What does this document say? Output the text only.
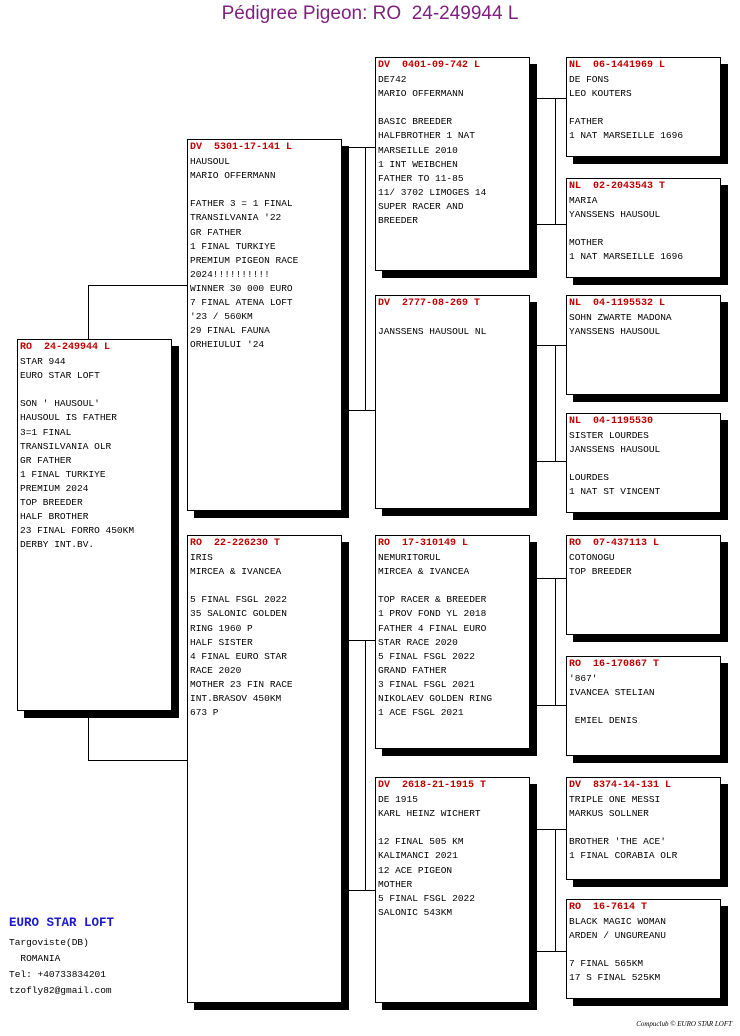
Pédigree Pigeon: RO  24-249944 L
RO  24-249944 L
STAR 944
EURO STAR LOFT
SON ' HAUSOUL'
HAUSOUL IS FATHER
3=1 FINAL
TRANSILVANIA OLR
GR FATHER
1 FINAL TURKIYE
PREMIUM 2024
TOP BREEDER
HALF BROTHER
23 FINAL FORRO 450KM
DERBY INT.BV.
DV  5301-17-141 L
HAUSOUL
MARIO OFFERMANN
FATHER 3 = 1 FINAL
TRANSILVANIA '22
GR FATHER
1 FINAL TURKIYE
PREMIUM PIGEON RACE
2024!!!!!!!!!!
WINNER 30 000 EURO
7 FINAL ATENA LOFT
'23 / 560KM
29 FINAL FAUNA
ORHEIULUI '24
RO  22-226230 T
IRIS
MIRCEA & IVANCEA
5 FINAL FSGL 2022
35 SALONIC GOLDEN
RING 1960 P
HALF SISTER
4 FINAL EURO STAR
RACE 2020
MOTHER 23 FIN RACE
INT.BRASOV 450KM
673 P
DV  0401-09-742 L
DE742
MARIO OFFERMANN
BASIC BREEDER
HALFBROTHER 1 NAT
MARSEILLE 2010
1 INT WEIBCHEN
FATHER TO 11-85
11/ 3702 LIMOGES 14
SUPER RACER AND
BREEDER
DV  2777-08-269 T
JANSSENS HAUSOUL NL
RO  17-310149 L
NEMURITORUL
MIRCEA & IVANCEA
TOP RACER & BREEDER
1 PROV FOND YL 2018
FATHER 4 FINAL EURO
STAR RACE 2020
5 FINAL FSGL 2022
GRAND FATHER
3 FINAL FSGL 2021
NIKOLAEV GOLDEN RING
1 ACE FSGL 2021
DV  2618-21-1915 T
DE 1915
KARL HEINZ WICHERT
12 FINAL 505 KM
KALIMANCI 2021
12 ACE PIGEON
MOTHER
5 FINAL FSGL 2022
SALONIC 543KM
NL  06-1441969 L
DE FONS
LEO KOUTERS
FATHER
1 NAT MARSEILLE 1696
NL  02-2043543 T
MARIA
YANSSENS HAUSOUL
MOTHER
1 NAT MARSEILLE 1696
NL  04-1195532 L
SOHN ZWARTE MADONA
YANSSENS HAUSOUL
NL  04-1195530
SISTER LOURDES
JANSSENS HAUSOUL
LOURDES
1 NAT ST VINCENT
RO  07-437113 L
COTONOGU
TOP BREEDER
RO  16-170867 T
'867'
IVANCEA STELIAN
EMIEL DENIS
DV  8374-14-131 L
TRIPLE ONE MESSI
MARKUS SOLLNER
BROTHER 'THE ACE'
1 FINAL CORABIA OLR
RO  16-7614 T
BLACK MAGIC WOMAN
ARDEN / UNGUREANU
7 FINAL 565KM
17 S FINAL 525KM
EURO STAR LOFT
Targoviste(DB)
ROMANIA
Tel: +40733834201
tzofly82@gmail.com
Compuclub © EURO STAR LOFT
